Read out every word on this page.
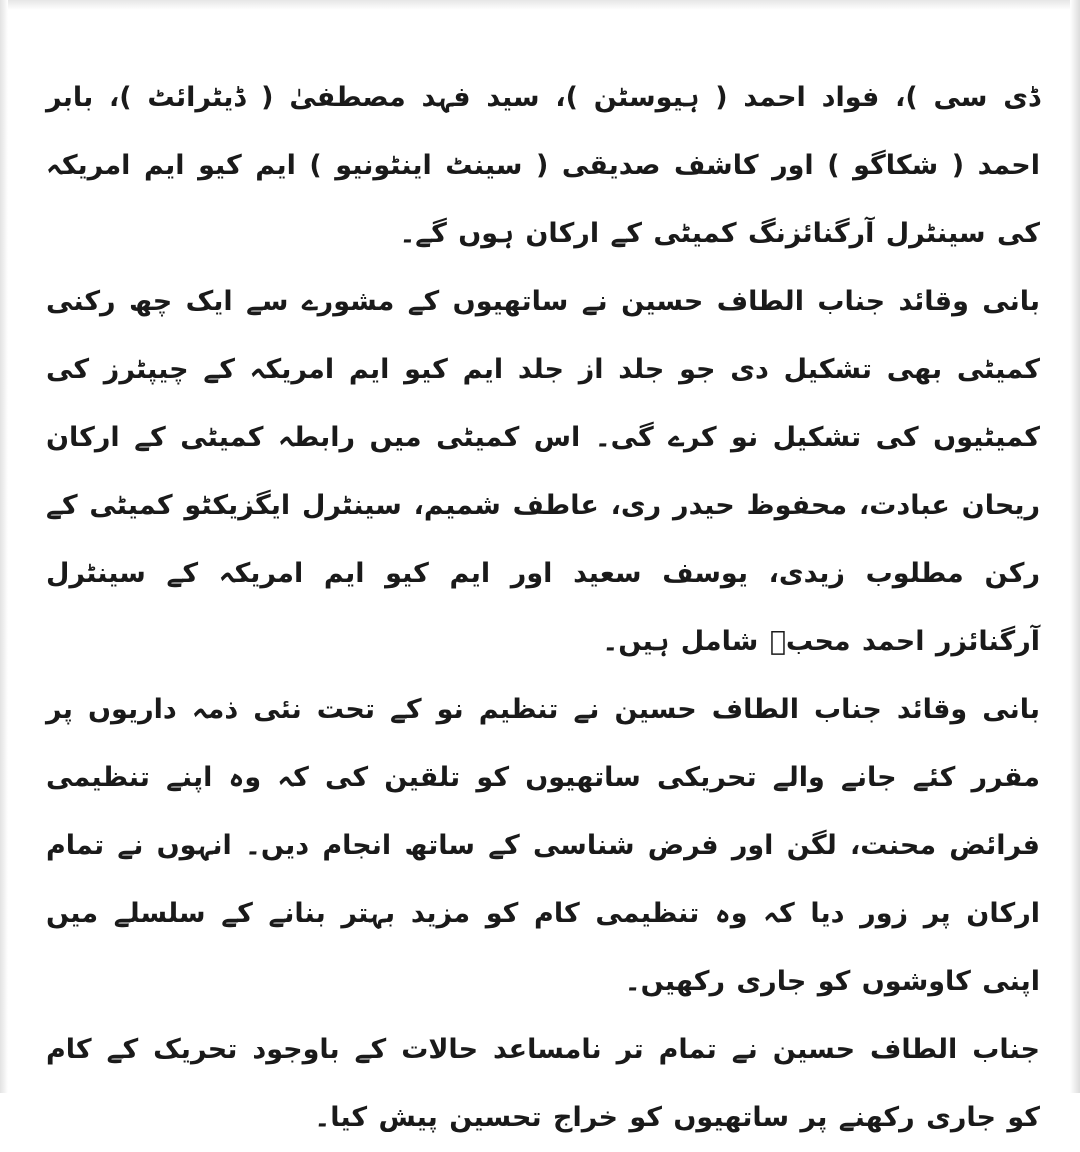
ڈی سی )، فواد احمد ( ہیوسٹن )، سید فہد مصطفیٰ ( ڈیٹرائٹ )، بابر احمد ( شکاگو ) اور کاشف صدیقی ( سینٹ اینٹونیو ) ایم کیو ایم امریکہ کی سینٹرل آرگنائزنگ کمیٹی کے ارکان ہوں گے۔

بانی وقائد جناب الطاف حسین نے ساتھیوں کے مشورے سے ایک چھ رکنی کمیٹی بھی تشکیل دی جو جلد از جلد ایم کیو ایم امریکہ کے چیپٹرز کی کمیٹیوں کی تشکیل نو کرے گی۔ اس کمیٹی میں رابطہ کمیٹی کے ارکان ریحان عبادت، محفوظ حیدر ری، عاطف شمیم، سینٹرل ایگزیکٹو کمیٹی کے رکن مطلوب زیدی، یوسف سعید اور ایم کیو ایم امریکہ کے سینٹرل آرگنائزر احمد محبؔ شامل ہیں۔

بانی وقائد جناب الطاف حسین نے تنظیم نو کے تحت نئی ذمہ داریوں پر مقرر کئے جانے والے تحریکی ساتھیوں کو تلقین کی کہ وہ اپنے تنظیمی فرائض محنت، لگن اور فرض شناسی کے ساتھ انجام دیں۔ انہوں نے تمام ارکان پر زور دیا کہ وہ تنظیمی کام کو مزید بہتر بنانے کے سلسلے میں اپنی کاوشوں کو جاری رکھیں۔

جناب الطاف حسین نے تمام تر نامساعد حالات کے باوجود تحریک کے کام کو جاری رکھنے پر ساتھیوں کو خراج تحسین پیش کیا۔
